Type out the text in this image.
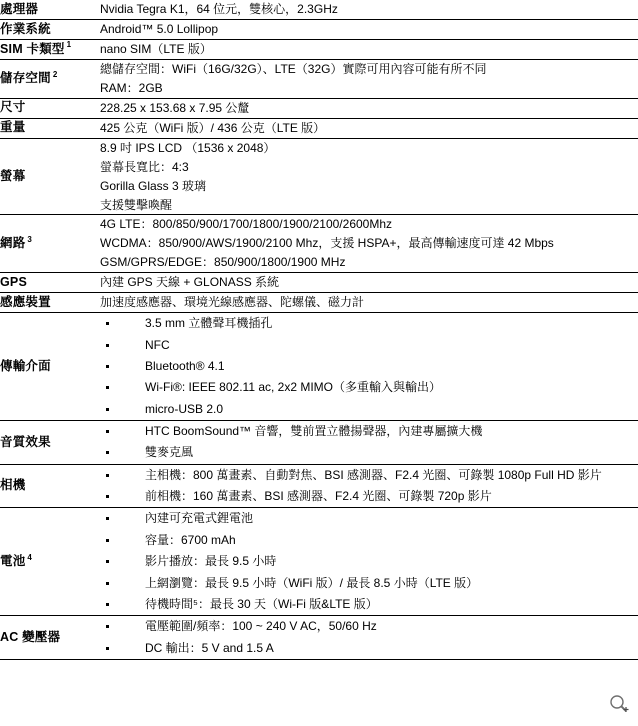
處理器	Nvidia Tegra K1，64 位元，雙核心，2.3GHz

作業系統	Android™ 5.0 Lollipop

SIM 卡類型 $^1$	nano SIM（LTE 版）

儲存空間 $^2$	總儲存空間：WiFi（16G/32G）、LTE（32G）實際可用內容可能有所不同
RAM：2GB

尺寸	228.25 x 153.68 x 7.95 公釐

重量	425 公克（WiFi 版）/ 436 公克（LTE 版）

螢幕	8.9 吋 IPS LCD （1536 x 2048）
螢幕長寬比：4:3
Gorilla Glass 3 玻璃
支援雙擊喚醒

網路 $^3$	4G LTE：800/850/900/1700/1800/1900/2100/2600Mhz
WCDMA：850/900/AWS/1900/2100 Mhz，支援 HSPA+，最高傳輸速度可達 42 Mbps
GSM/GPRS/EDGE：850/900/1800/1900 MHz

GPS	內建 GPS 天線 + GLONASS 系統

感應裝置	加速度感應器、環境光線感應器、陀螺儀、磁力計

傳輸介面	
3.5 mm 立體聲耳機插孔
NFC
Bluetooth® 4.1
Wi-Fi®: IEEE 802.11 ac, 2x2 MIMO（多重輸入與輸出）
micro-USB 2.0

音質效果	
HTC BoomSound™ 音響，雙前置立體揚聲器，內建專屬擴大機
雙麥克風

相機	
主相機：800 萬畫素、自動對焦、BSI 感測器、F2.4 光圈、可錄製 1080p Full HD 影片
前相機：160 萬畫素、BSI 感測器、F2.4 光圈、可錄製 720p 影片

電池 $^4$	
內建可充電式鋰電池
容量：6700 mAh
影片播放：最長 9.5 小時
上網瀏覽：最長 9.5 小時（WiFi 版）/ 最長 8.5 小時（LTE 版）
待機時間⁵：最長 30 天（Wi-Fi 版&LTE 版）

AC 變壓器	
電壓範圍/頻率：100 ~ 240 V AC，50/60 Hz
DC 輸出：5 V and 1.5 A
